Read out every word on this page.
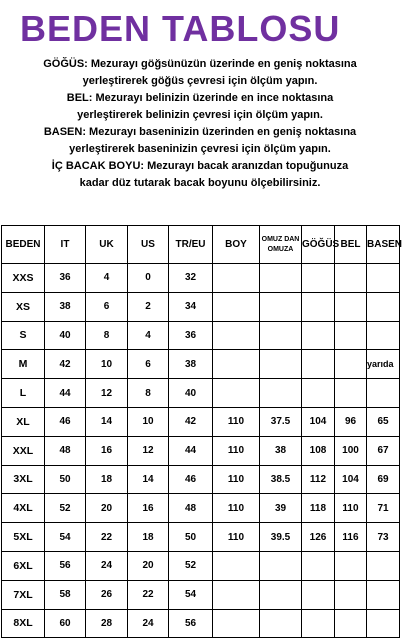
BEDEN TABLOSU
GÖĞÜS: Mezurayı göğsünüzün üzerinde en geniş noktasına
yerleştirerek göğüs çevresi için ölçüm yapın.
BEL: Mezurayı belinizin üzerinde en ince noktasına
yerleştirerek belinizin çevresi için ölçüm yapın.
BASEN: Mezurayı baseninizin üzerinden en geniş noktasına
yerleştirerek baseninizin çevresi için ölçüm yapın.
İÇ BACAK BOYU: Mezurayı bacak aranızdan topuğunuza
kadar düz tutarak bacak boyunu ölçebilirsiniz.
BEDEN	IT	UK	US	TR/EU	BOY	OMUZ DAN OMUZA	GÖĞÜS	BEL	BASEN
XXS	36	4	0	32					
XS	38	6	2	34					
S	40	8	4	36					
M	42	10	6	38					yarıda
L	44	12	8	40					
XL	46	14	10	42	110	37.5	104	96	65
XXL	48	16	12	44	110	38	108	100	67
3XL	50	18	14	46	110	38.5	112	104	69
4XL	52	20	16	48	110	39	118	110	71
5XL	54	22	18	50	110	39.5	126	116	73
6XL	56	24	20	52					
7XL	58	26	22	54					
8XL	60	28	24	56					
